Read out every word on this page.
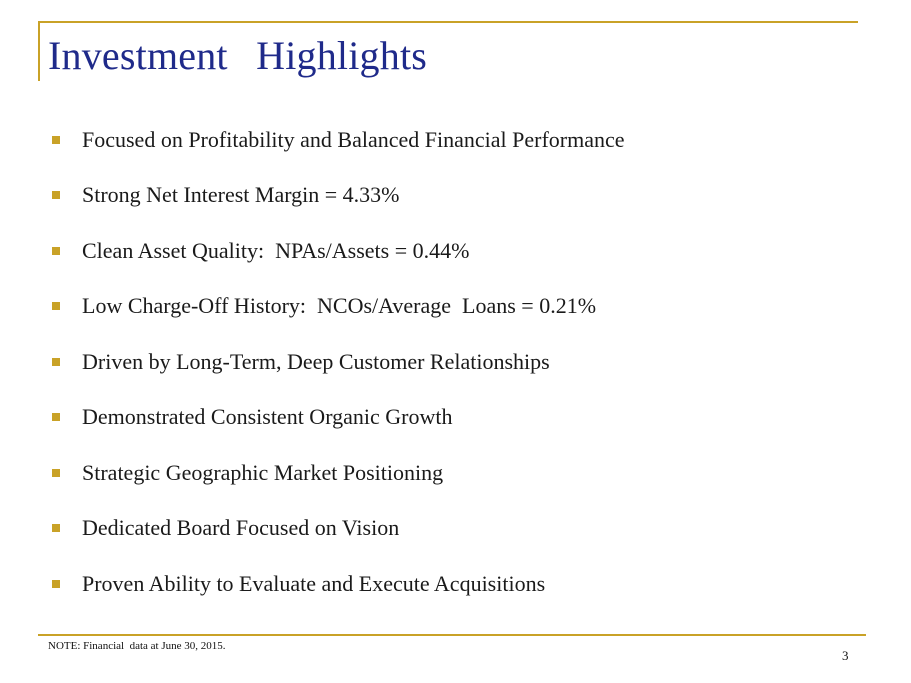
Investment  Highlights
Focused on Profitability and Balanced Financial Performance
Strong Net Interest Margin = 4.33%
Clean Asset Quality:  NPAs/Assets = 0.44%
Low Charge-Off History:  NCOs/Average  Loans = 0.21%
Driven by Long-Term, Deep Customer Relationships
Demonstrated Consistent Organic Growth
Strategic Geographic Market Positioning
Dedicated Board Focused on Vision
Proven Ability to Evaluate and Execute Acquisitions
NOTE: Financial  data at June 30, 2015.
3
